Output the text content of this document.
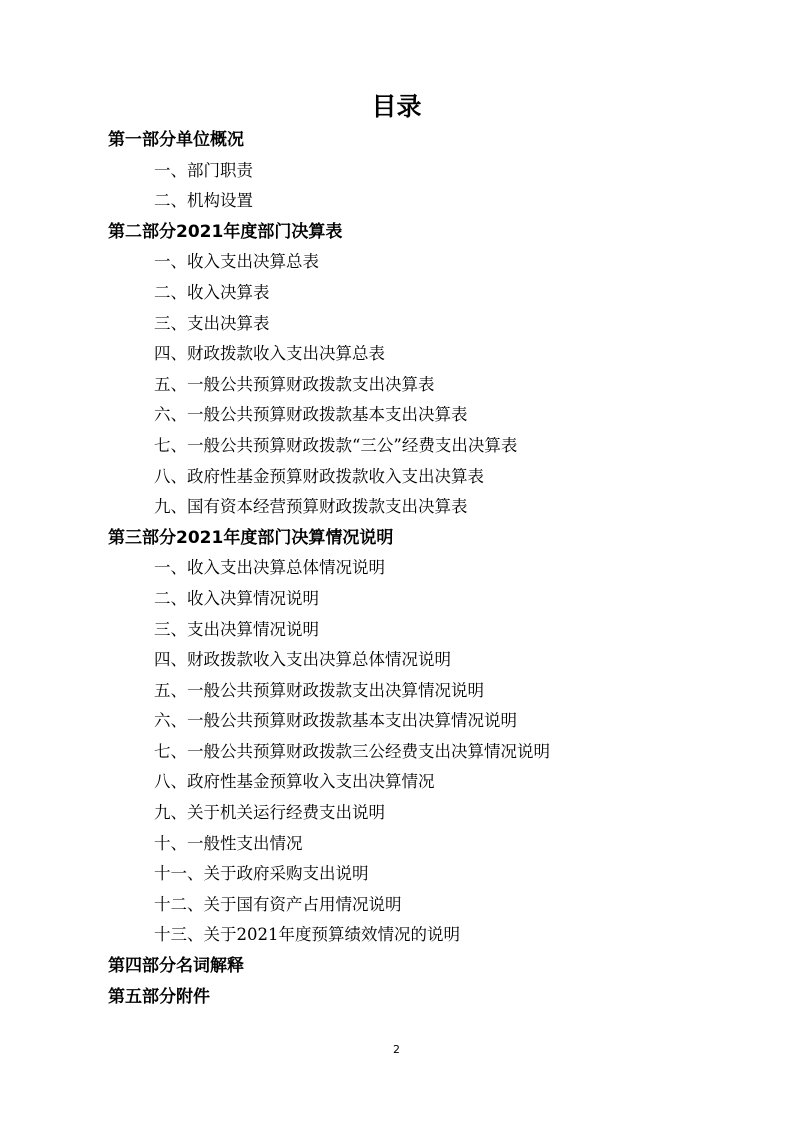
目录
第一部分单位概况
一、部门职责
二、机构设置
第二部分2021年度部门决算表
一、收入支出决算总表
二、收入决算表
三、支出决算表
四、财政拨款收入支出决算总表
五、一般公共预算财政拨款支出决算表
六、一般公共预算财政拨款基本支出决算表
七、一般公共预算财政拨款“三公”经费支出决算表
八、政府性基金预算财政拨款收入支出决算表
九、国有资本经营预算财政拨款支出决算表
第三部分2021年度部门决算情况说明
一、收入支出决算总体情况说明
二、收入决算情况说明
三、支出决算情况说明
四、财政拨款收入支出决算总体情况说明
五、一般公共预算财政拨款支出决算情况说明
六、一般公共预算财政拨款基本支出决算情况说明
七、一般公共预算财政拨款三公经费支出决算情况说明
八、政府性基金预算收入支出决算情况
九、关于机关运行经费支出说明
十、一般性支出情况
十一、关于政府采购支出说明
十二、关于国有资产占用情况说明
十三、关于2021年度预算绩效情况的说明
第四部分名词解释
第五部分附件
2
